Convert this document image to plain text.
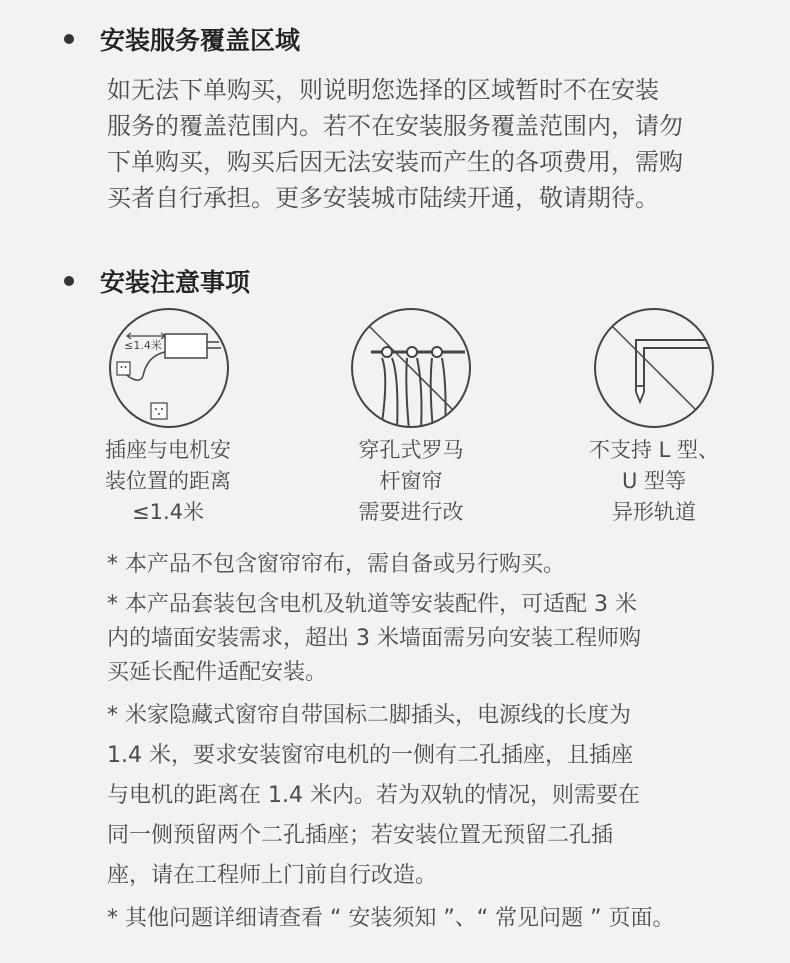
安装服务覆盖区域
如无法下单购买，则说明您选择的区域暂时不在安装
服务的覆盖范围内。若不在安装服务覆盖范围内，请勿
下单购买，购买后因无法安装而产生的各项费用，需购
买者自行承担。更多安装城市陆续开通，敬请期待。
安装注意事项
≤1.4米
插座与电机安
装位置的距离
≤1.4米
穿孔式罗马
杆窗帘
需要进行改
不支持 L 型、
U 型等
异形轨道
* 本产品不包含窗帘帘布，需自备或另行购买。
* 本产品套装包含电机及轨道等安装配件，可适配 3 米
内的墙面安装需求，超出 3 米墙面需另向安装工程师购
买延长配件适配安装。
* 米家隐藏式窗帘自带国标二脚插头，电源线的长度为
1.4 米，要求安装窗帘电机的一侧有二孔插座，且插座
与电机的距离在 1.4 米内。若为双轨的情况，则需要在
同一侧预留两个二孔插座；若安装位置无预留二孔插
座，请在工程师上门前自行改造。
* 其他问题详细请查看 “ 安装须知 ”、“ 常见问题 ” 页面。
